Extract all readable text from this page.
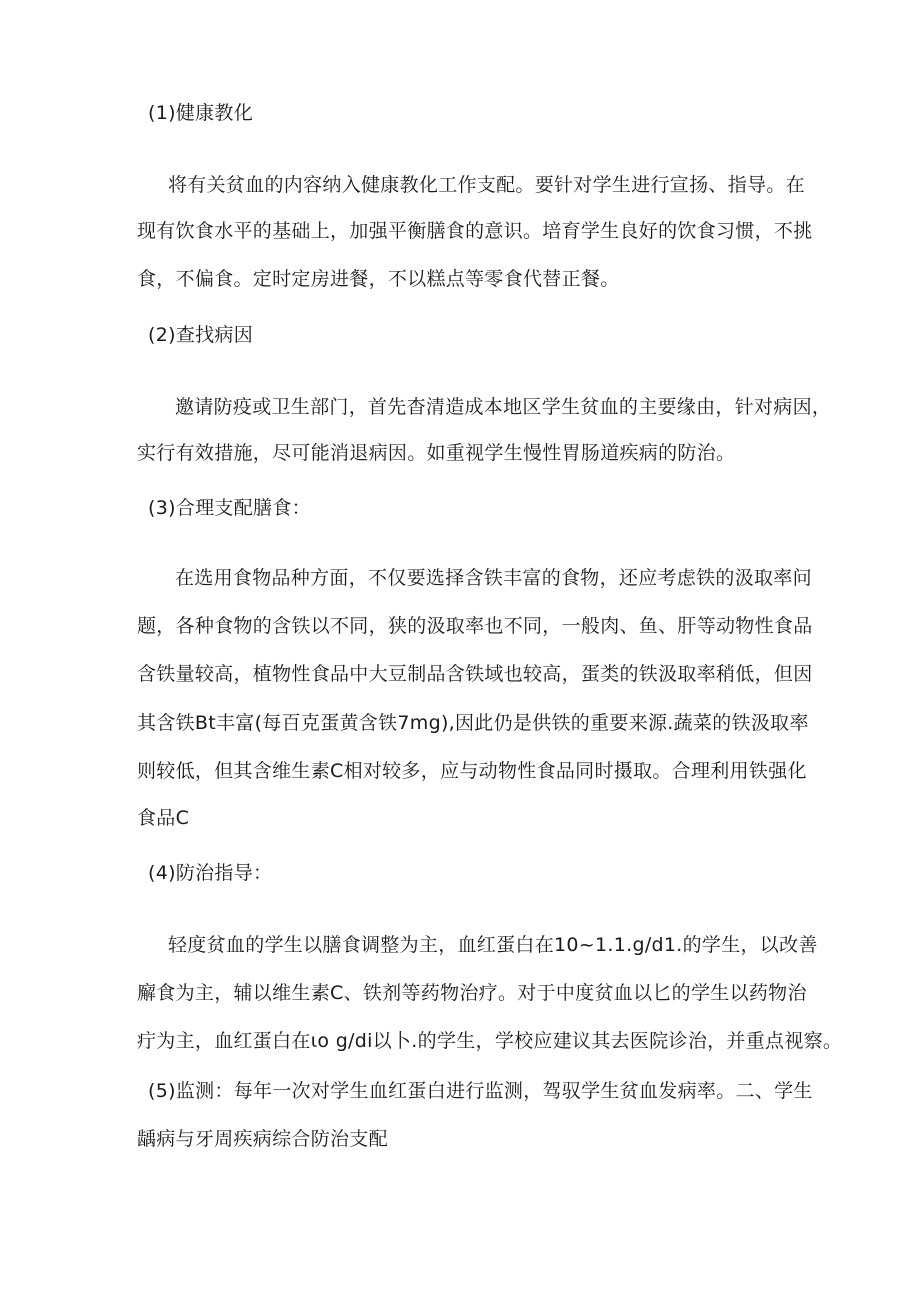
(1)健康教化
将有关贫血的内容纳入健康教化工作支配。要针对学生进行宣扬、指导。在
现有饮食水平的基础上，加强平衡膳食的意识。培育学生良好的饮食习惯，不挑
食，不偏食。定时定房进餐，不以糕点等零食代替正餐。
(2)查找病因
邀请防疫或卫生部门，首先杳清造成本地区学生贫血的主要缘由，针对病因，
实行有效措施，尽可能消退病因。如重视学生慢性胃肠道疾病的防治。
(3)合理支配膳食：
在选用食物品种方面，不仅要选择含铁丰富的食物，还应考虑铁的汲取率问
题，各种食物的含铁以不同，狭的汲取率也不同，一般肉、鱼、肝等动物性食品
含铁量较高，植物性食品中大豆制品含铁域也较高，蛋类的铁汲取率稍低，但因
其含铁Bt丰富(每百克蛋黄含铁7mg),因此仍是供铁的重要来源.蔬菜的铁汲取率
则较低，但其含维生素C相对较多，应与动物性食品同时摄取。合理利用铁强化
食品C
(4)防治指导：
轻度贫血的学生以膳食调整为主，血红蛋白在10~1.1.g∕d1.的学生，以改善
廨食为主，辅以维生素C、铁剂等药物治疗。对于中度贫血以匕的学生以药物治
疔为主，血红蛋白在ιo g∕di以卜.的学生，学校应建议其去医院诊治，并重点视察。
(5)监测：每年一次对学生血红蛋白进行监测，驾驭学生贫血发病率。二、学生
龋病与牙周疾病综合防治支配
